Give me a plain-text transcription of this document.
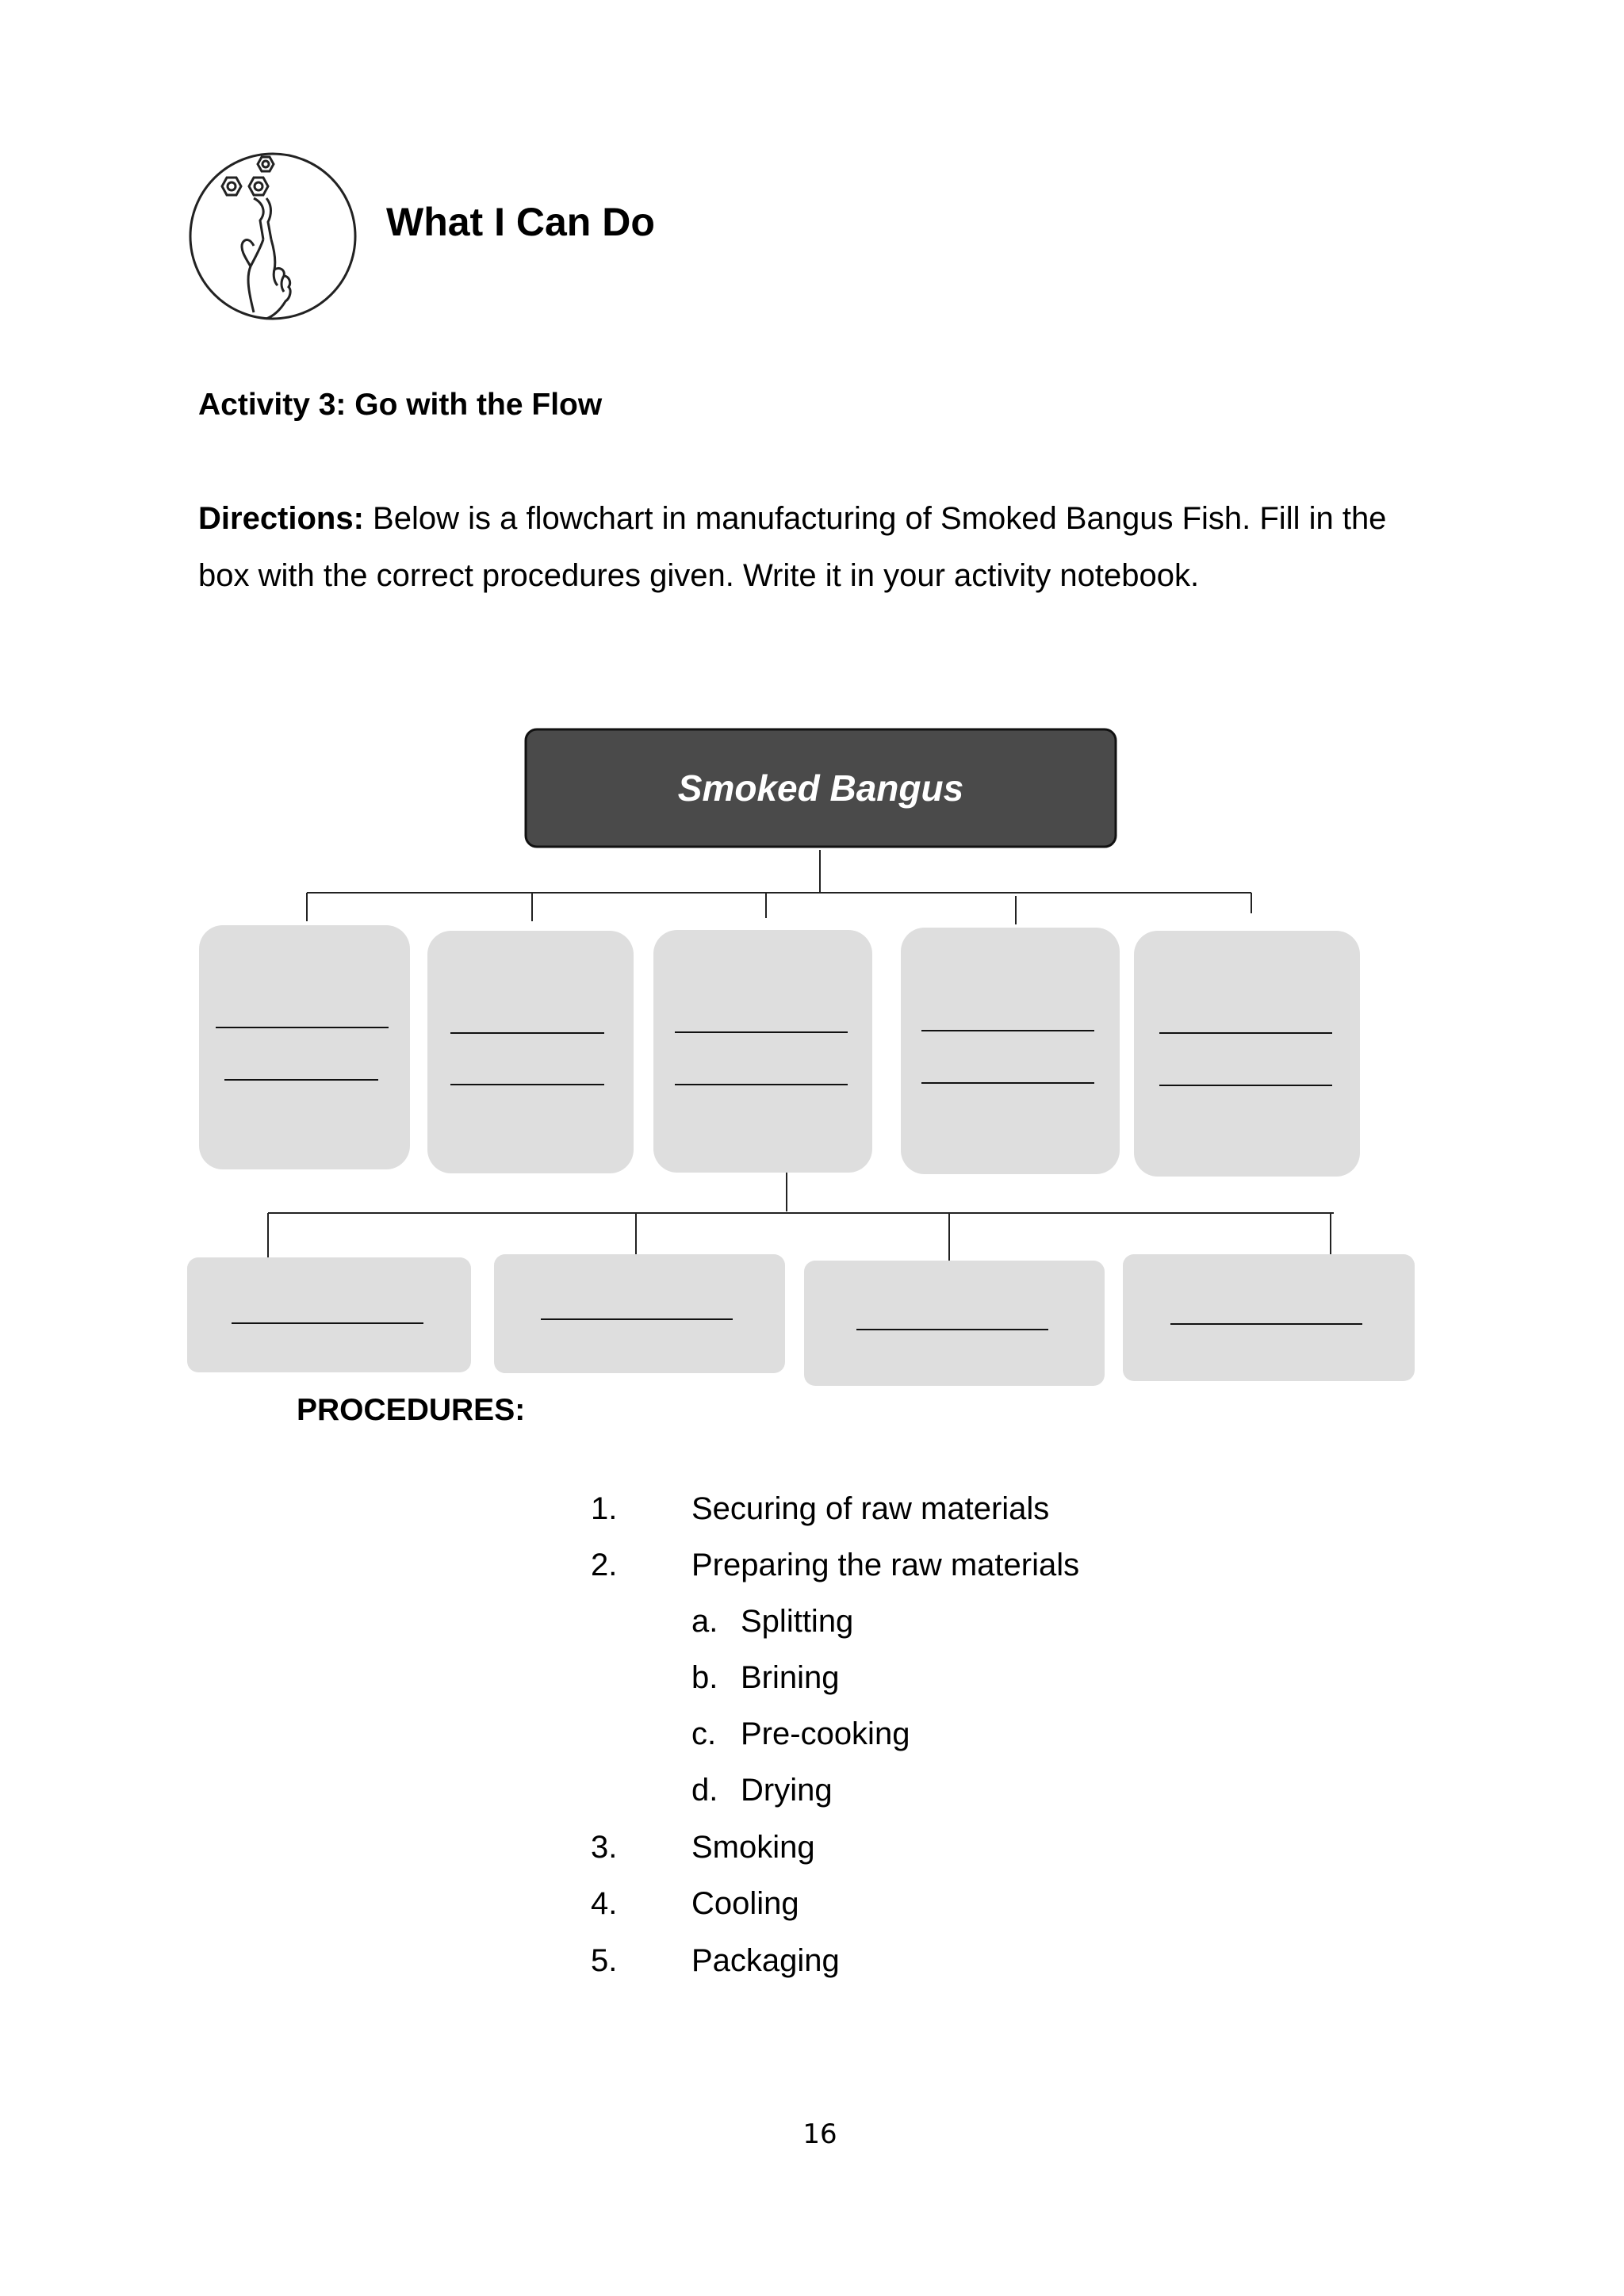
What I Can Do
Activity 3: Go with the Flow
Directions: Below is a flowchart in manufacturing of Smoked Bangus Fish. Fill in the box with the correct procedures given. Write it in your activity notebook.
Smoked Bangus
PROCEDURES:
1. Securing of raw materials
2. Preparing the raw materials
a. Splitting
b. Brining
c. Pre-cooking
d. Drying
3. Smoking
4. Cooling
5. Packaging
16
